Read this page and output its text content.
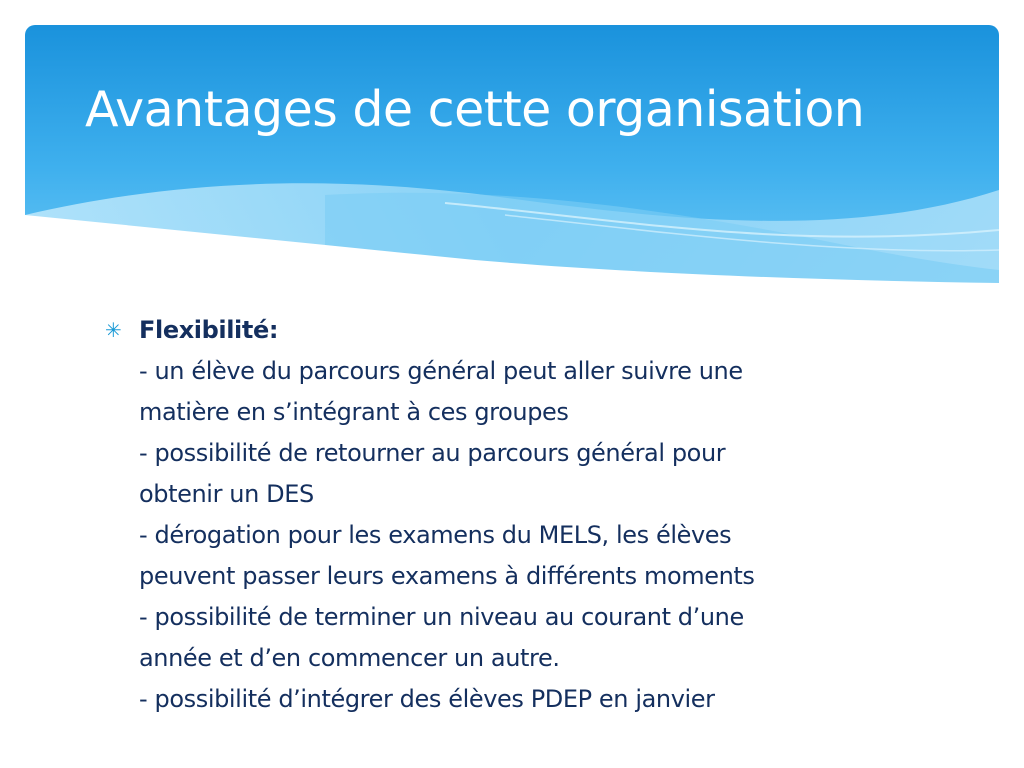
Avantages de cette organisation
✳ Flexibilité:
- un élève du parcours général peut aller suivre une
matière en s’intégrant à ces groupes
- possibilité de retourner au parcours général pour
obtenir un DES
- dérogation pour les examens du MELS, les élèves
peuvent passer leurs examens à différents moments
- possibilité de terminer un niveau au courant d’une
année et d’en commencer un autre.
- possibilité d’intégrer des élèves PDEP en janvier
